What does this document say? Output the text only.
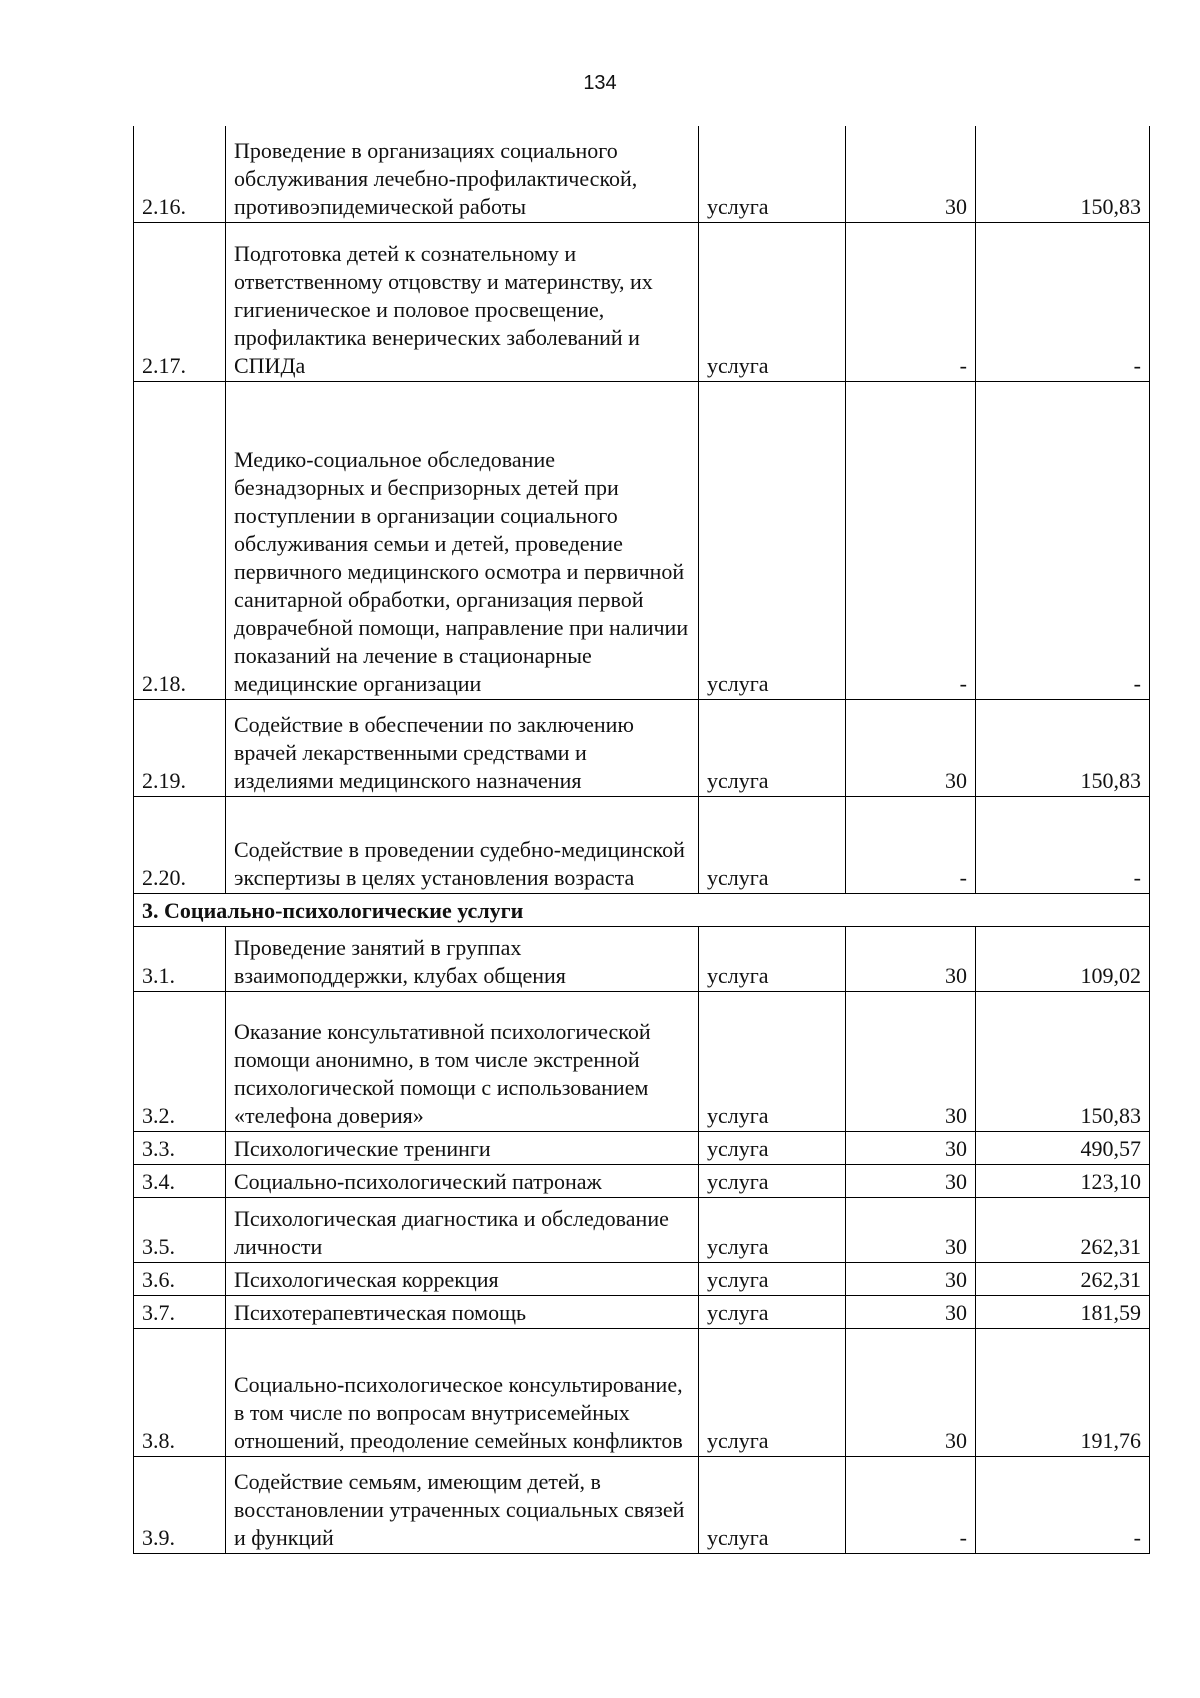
134
2.16.	Проведение в организациях социального обслуживания лечебно-профилактической, противоэпидемической работы	услуга	30	150,83
2.17.	Подготовка детей к сознательному и ответственному отцовству и материнству, их гигиеническое и половое просвещение, профилактика венерических заболеваний и СПИДа	услуга	-	-
2.18.	Медико-социальное обследование безнадзорных и беспризорных детей при поступлении в организации социального обслуживания семьи и детей, проведение первичного медицинского осмотра и первичной санитарной обработки, организация первой доврачебной помощи, направление при наличии показаний на лечение в стационарные медицинские организации	услуга	-	-
2.19.	Содействие в обеспечении по заключению врачей лекарственными средствами и изделиями медицинского назначения	услуга	30	150,83
2.20.	Содействие в проведении судебно-медицинской экспертизы в целях установления возраста	услуга	-	-
3. Социально-психологические услуги				
3.1.	Проведение занятий в группах взаимоподдержки, клубах общения	услуга	30	109,02
3.2.	Оказание консультативной психологической помощи анонимно, в том числе экстренной психологической помощи с использованием «телефона доверия»	услуга	30	150,83
3.3.	Психологические тренинги	услуга	30	490,57
3.4.	Социально-психологический патронаж	услуга	30	123,10
3.5.	Психологическая диагностика и обследование личности	услуга	30	262,31
3.6.	Психологическая коррекция	услуга	30	262,31
3.7.	Психотерапевтическая помощь	услуга	30	181,59
3.8.	Социально-психологическое консультирование, в том числе по вопросам внутрисемейных отношений, преодоление семейных конфликтов	услуга	30	191,76
3.9.	Содействие семьям, имеющим детей, в восстановлении утраченных социальных связей и функций	услуга	-	-
